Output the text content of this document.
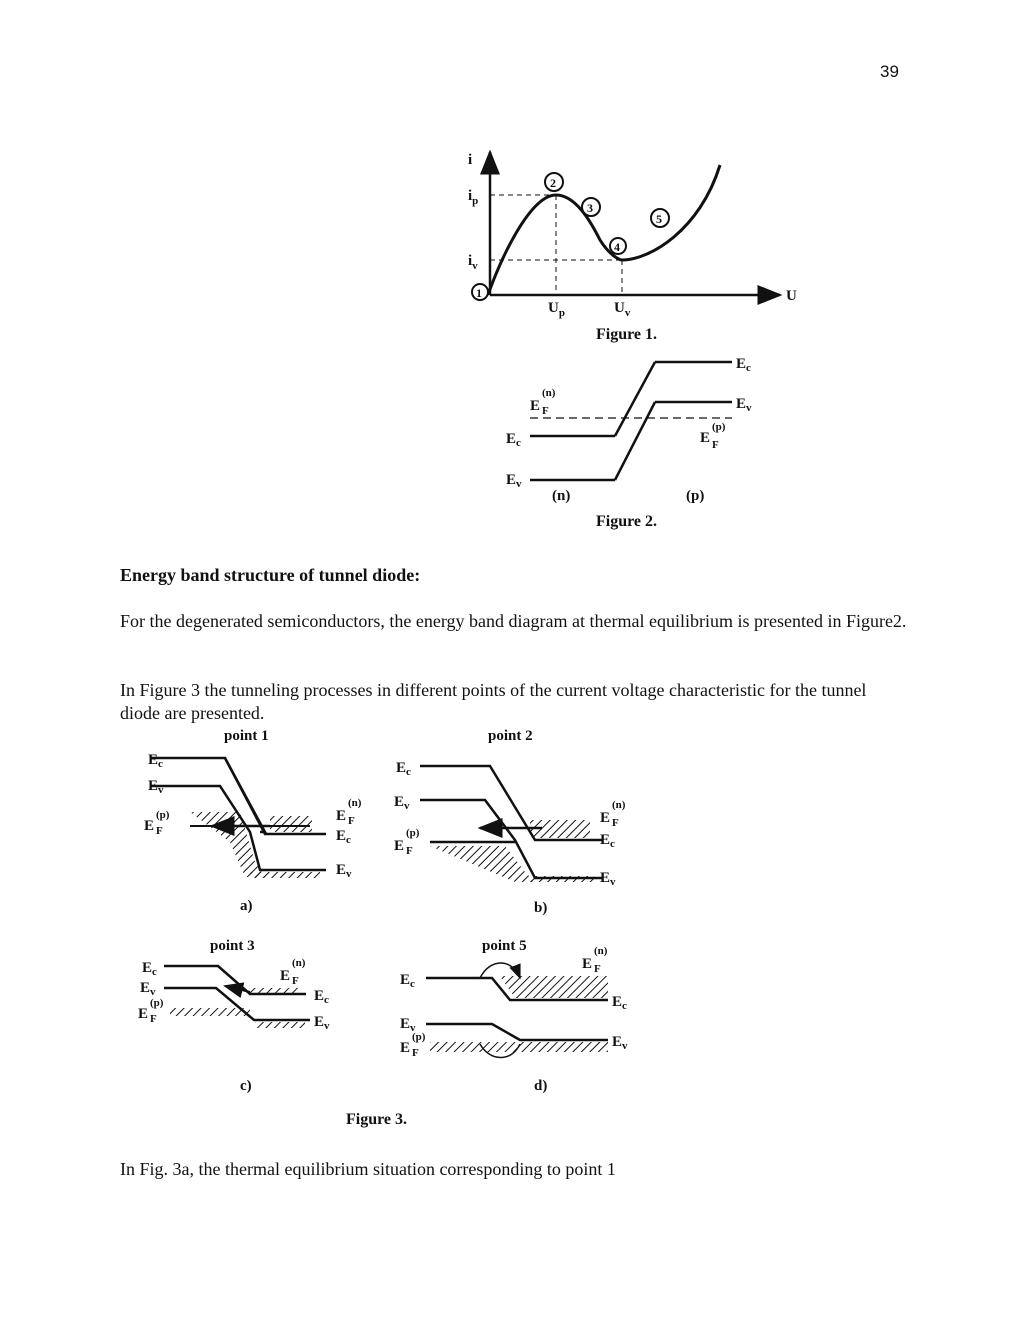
39
i
U
$i_p$
$i_v$
$U_p$	$U_v$
1
2
3
4
5
Figure 1.
$E_c$
$E_v$
$E_c$
$E_v$
E
(n)
F
E
(p)
F
(n)	(p)
Figure 2.
Energy band structure of tunnel diode:
For the degenerated semiconductors, the energy band diagram at thermal equilibrium is presented in Figure2.
In Figure 3 the tunneling processes in different points of the current voltage characteristic for the tunnel diode are presented.
point 1
$E_c$
$E_v$
E
(p)
F
E
(n)
F
$E_c$
$E_v$
a)
point 2
$E_c$
$E_v$
E
(p)
F
E
(n)
F
$E_c$
$E_v$
b)
point 3
$E_c$
$E_v$
E
(p)
F
E
(n)
F
$E_c$
$E_v$
c)
point 5
$E_c$
$E_v$
E
(p)
F
E
(n)
F
$E_c$
$E_v$
d)
Figure 3.
In Fig. 3a, the thermal equilibrium situation corresponding to point 1
